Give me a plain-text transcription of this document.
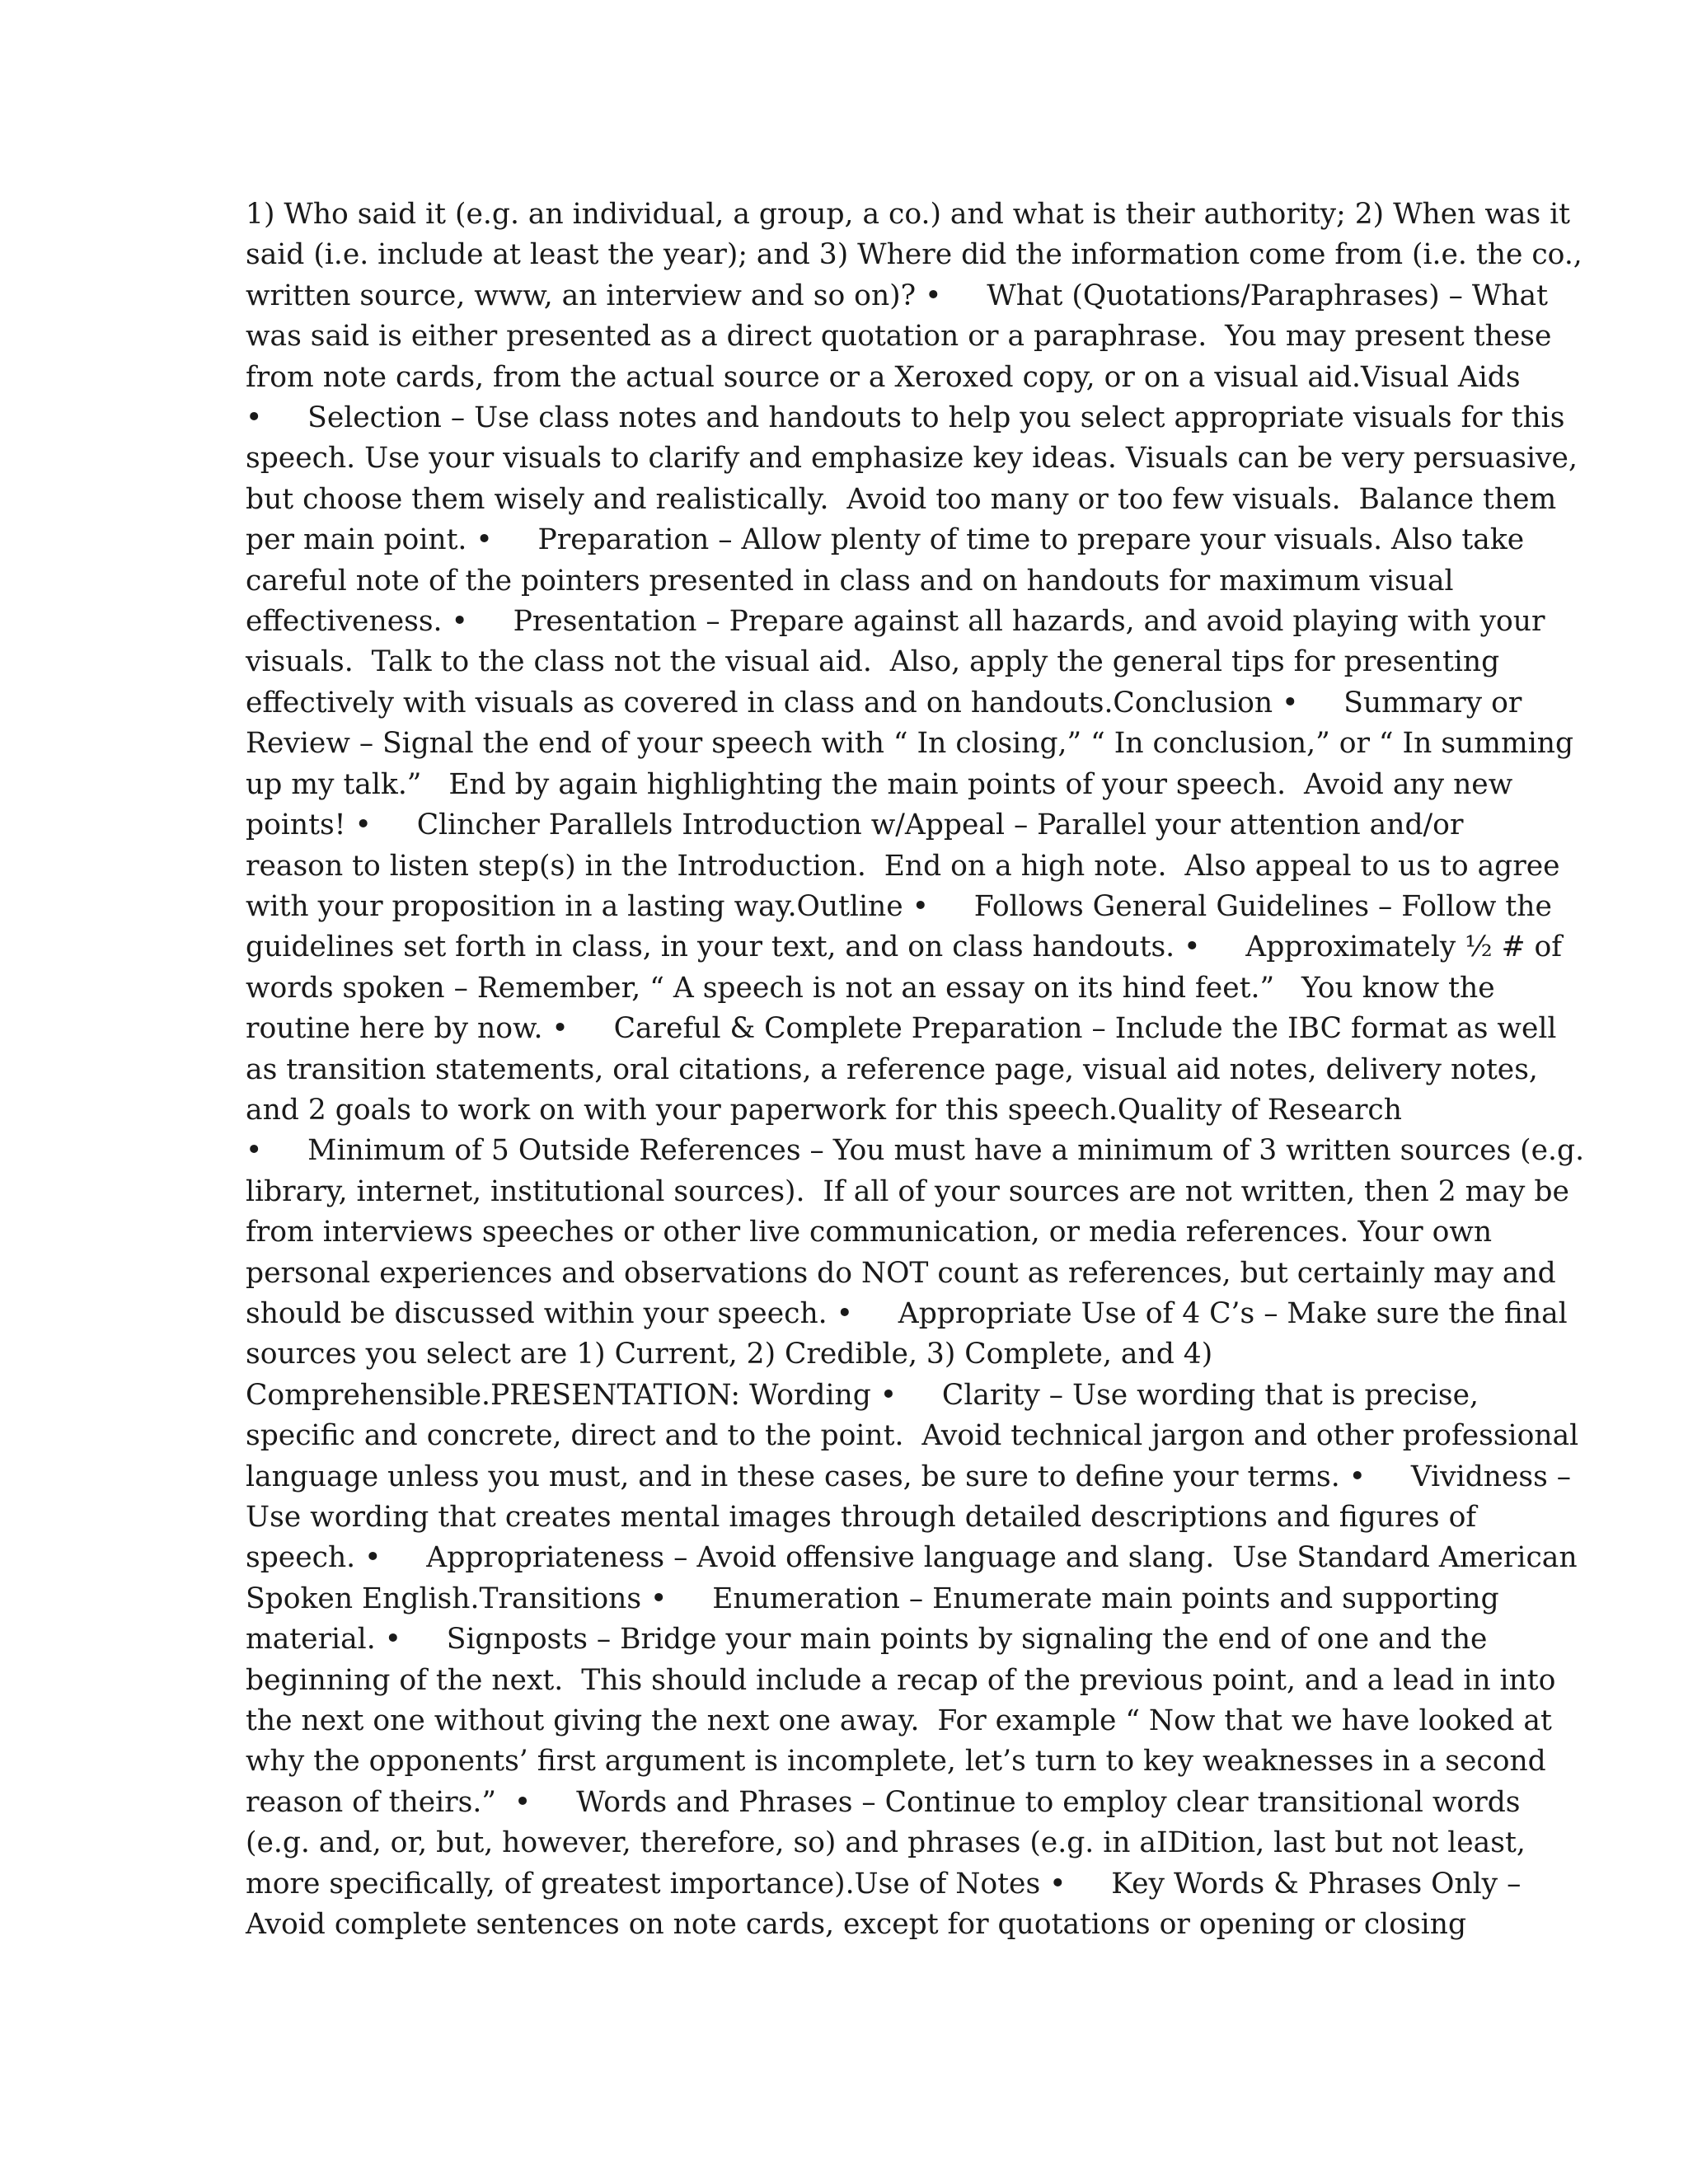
1) Who said it (e.g. an individual, a group, a co.) and what is their authority; 2) When was it
said (i.e. include at least the year); and 3) Where did the information come from (i.e. the co.,
written source, www, an interview and so on)? •     What (Quotations/Paraphrases) – What
was said is either presented as a direct quotation or a paraphrase.  You may present these
from note cards, from the actual source or a Xeroxed copy, or on a visual aid.Visual Aids
•     Selection – Use class notes and handouts to help you select appropriate visuals for this
speech. Use your visuals to clarify and emphasize key ideas. Visuals can be very persuasive,
but choose them wisely and realistically.  Avoid too many or too few visuals.  Balance them
per main point. •     Preparation – Allow plenty of time to prepare your visuals. Also take
careful note of the pointers presented in class and on handouts for maximum visual
effectiveness. •     Presentation – Prepare against all hazards, and avoid playing with your
visuals.  Talk to the class not the visual aid.  Also, apply the general tips for presenting
effectively with visuals as covered in class and on handouts.Conclusion •     Summary or
Review – Signal the end of your speech with “ In closing,” “ In conclusion,” or “ In summing
up my talk.”   End by again highlighting the main points of your speech.  Avoid any new
points! •     Clincher Parallels Introduction w/Appeal – Parallel your attention and/or
reason to listen step(s) in the Introduction.  End on a high note.  Also appeal to us to agree
with your proposition in a lasting way.Outline •     Follows General Guidelines – Follow the
guidelines set forth in class, in your text, and on class handouts. •     Approximately ½ # of
words spoken – Remember, “ A speech is not an essay on its hind feet.”   You know the
routine here by now. •     Careful & Complete Preparation – Include the IBC format as well
as transition statements, oral citations, a reference page, visual aid notes, delivery notes,
and 2 goals to work on with your paperwork for this speech.Quality of Research
•     Minimum of 5 Outside References – You must have a minimum of 3 written sources (e.g.
library, internet, institutional sources).  If all of your sources are not written, then 2 may be
from interviews speeches or other live communication, or media references. Your own
personal experiences and observations do NOT count as references, but certainly may and
should be discussed within your speech. •     Appropriate Use of 4 C’s – Make sure the final
sources you select are 1) Current, 2) Credible, 3) Complete, and 4)
Comprehensible.PRESENTATION: Wording •     Clarity – Use wording that is precise,
specific and concrete, direct and to the point.  Avoid technical jargon and other professional
language unless you must, and in these cases, be sure to define your terms. •     Vividness –
Use wording that creates mental images through detailed descriptions and figures of
speech. •     Appropriateness – Avoid offensive language and slang.  Use Standard American
Spoken English.Transitions •     Enumeration – Enumerate main points and supporting
material. •     Signposts – Bridge your main points by signaling the end of one and the
beginning of the next.  This should include a recap of the previous point, and a lead in into
the next one without giving the next one away.  For example “ Now that we have looked at
why the opponents’ first argument is incomplete, let’s turn to key weaknesses in a second
reason of theirs.”  •     Words and Phrases – Continue to employ clear transitional words
(e.g. and, or, but, however, therefore, so) and phrases (e.g. in aIDition, last but not least,
more specifically, of greatest importance).Use of Notes •     Key Words & Phrases Only –
Avoid complete sentences on note cards, except for quotations or opening or closing
